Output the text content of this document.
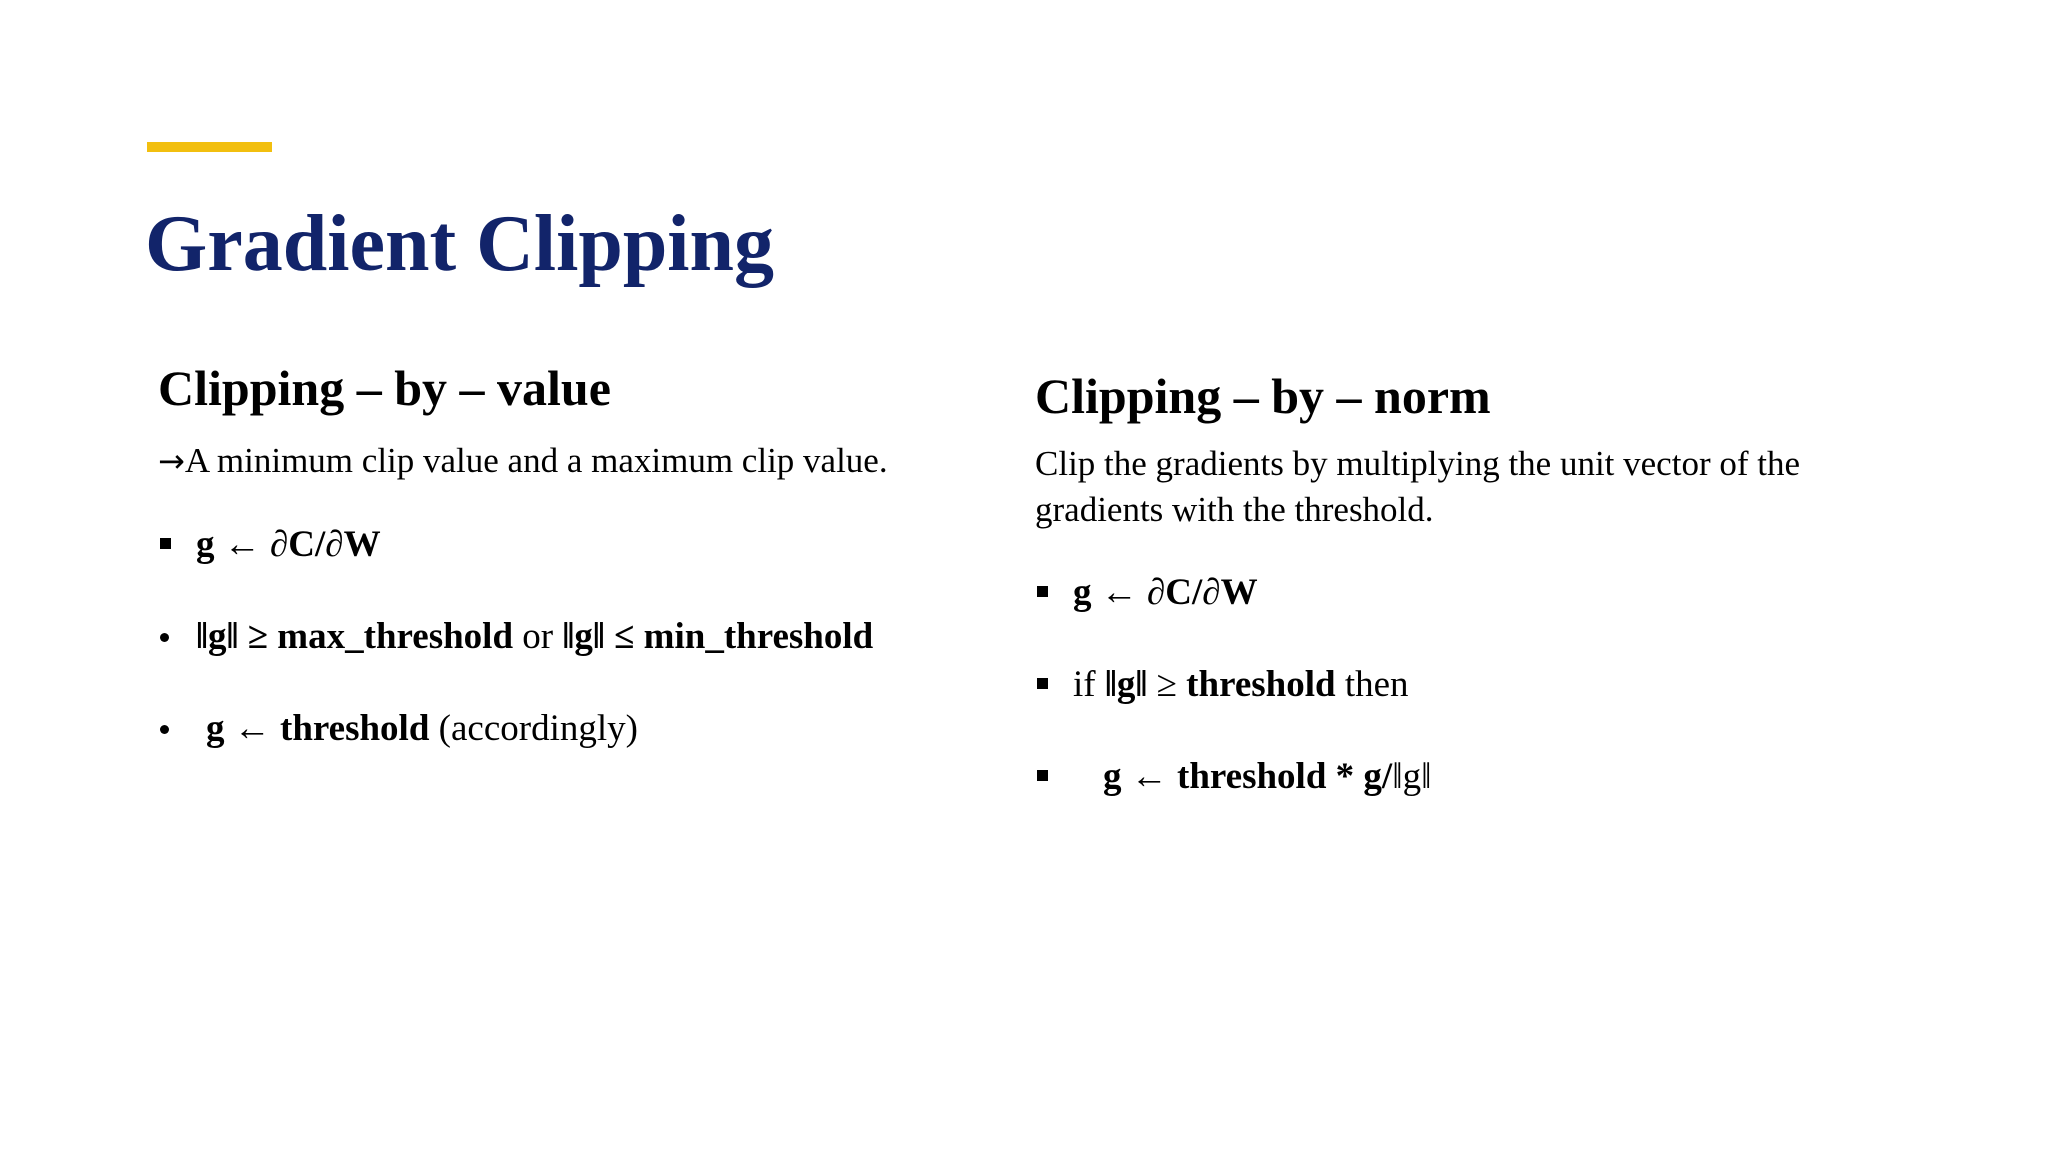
Gradient Clipping
Clipping – by – value

→A minimum clip value and a maximum clip value.

g ← ∂C/∂W
‖g‖ ≥ max_threshold or ‖g‖ ≤ min_threshold
g ← threshold (accordingly)
Clipping – by – norm

Clip the gradients by multiplying the unit vector of the gradients with the threshold.

g ← ∂C/∂W
if ‖g‖ ≥ threshold then
g ← threshold * g/‖g‖
